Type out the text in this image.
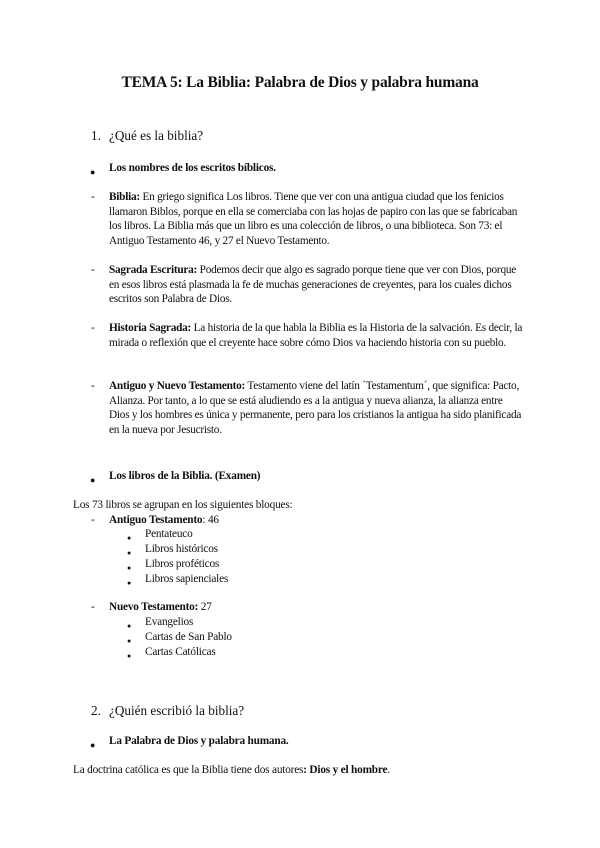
TEMA 5: La Biblia: Palabra de Dios y palabra humana
1. ¿Qué es la biblia?
● Los nombres de los escritos bíblicos.
- Biblia: En griego significa Los libros. Tiene que ver con una antigua ciudad que los fenicios llamaron Biblos, porque en ella se comerciaba con las hojas de papiro con las que se fabricaban los libros. La Biblia más que un libro es una colección de libros, o una biblioteca. Son 73: el Antiguo Testamento 46, y 27 el Nuevo Testamento.
- Sagrada Escritura: Podemos decir que algo es sagrado porque tiene que ver con Dios, porque en esos libros está plasmada la fe de muchas generaciones de creyentes, para los cuales dichos escritos son Palabra de Dios.
- Historia Sagrada: La historia de la que habla la Biblia es la Historia de la salvación. Es decir, la mirada o reflexión que el creyente hace sobre cómo Dios va haciendo historia con su pueblo.
- Antiguo y Nuevo Testamento: Testamento viene del latín ´Testamentum´, que significa: Pacto, Alianza. Por tanto, a lo que se está aludiendo es a la antigua y nueva alianza, la alianza entre Dios y los hombres es única y permanente, pero para los cristianos la antigua ha sido planificada en la nueva por Jesucristo.
● Los libros de la Biblia. (Examen)
Los 73 libros se agrupan en los siguientes bloques:
- Antiguo Testamento: 46
● Pentateuco
● Libros históricos
● Libros proféticos
● Libros sapienciales
- Nuevo Testamento: 27
● Evangelios
● Cartas de San Pablo
● Cartas Católicas
2. ¿Quién escribió la biblia?
● La Palabra de Dios y palabra humana.
La doctrina católica es que la Biblia tiene dos autores: Dios y el hombre.
